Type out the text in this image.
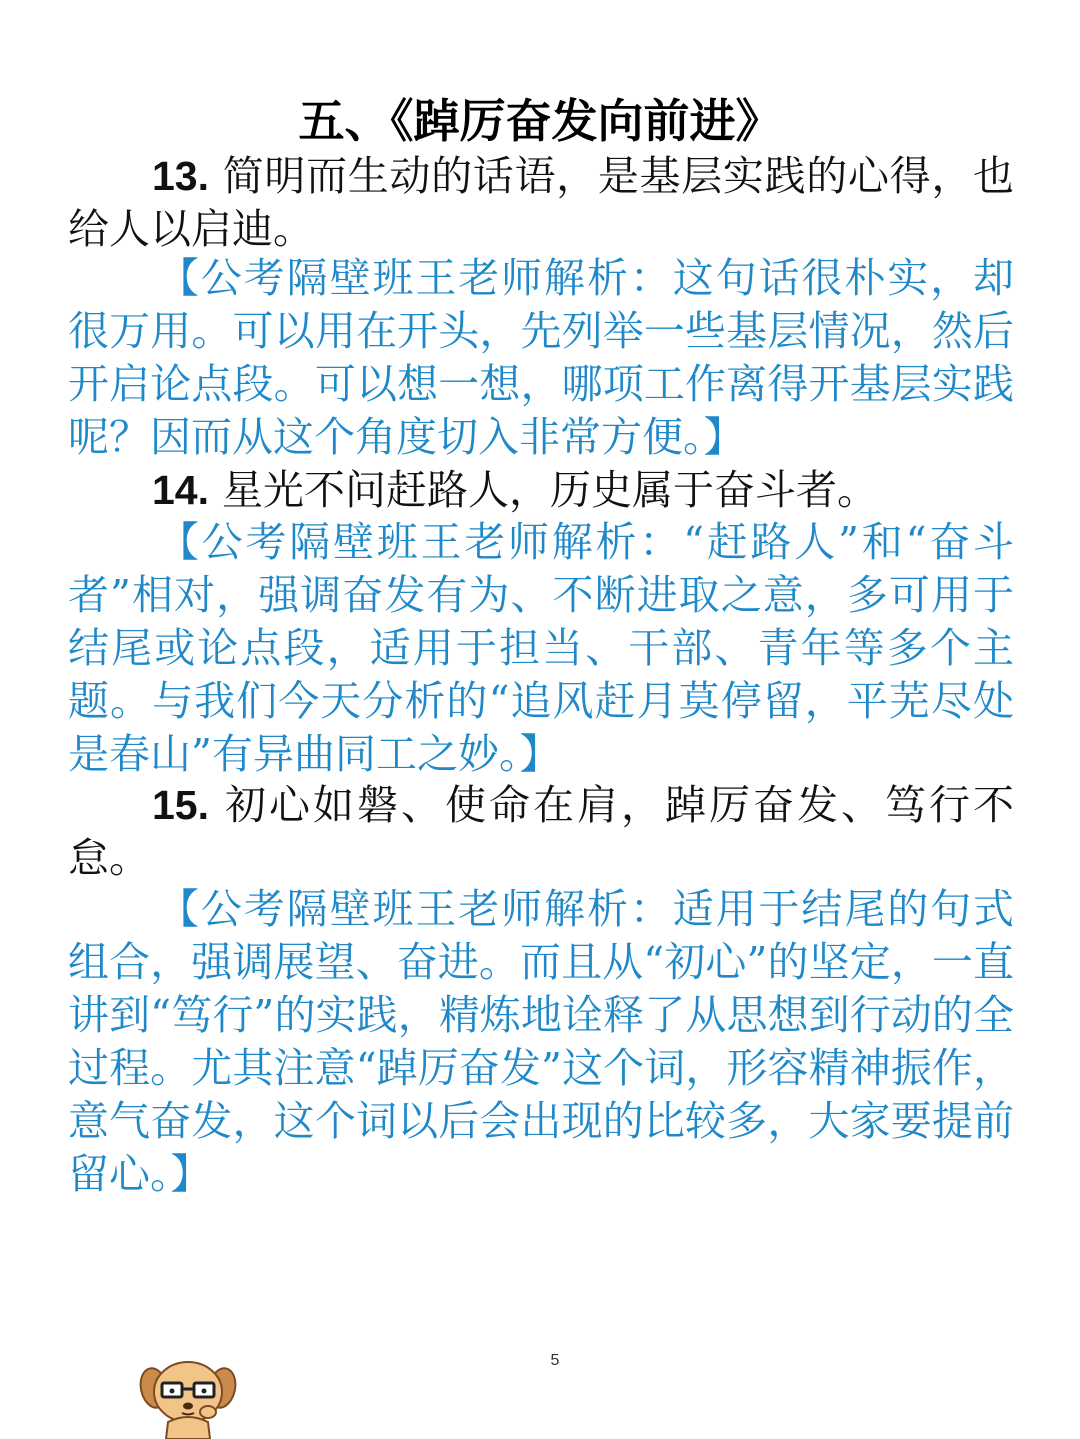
五、《踔厉奋发向前进》
13. 简明而生动的话语，是基层实践的心得，也给人以启迪。
【公考隔壁班王老师解析：这句话很朴实，却很万用。可以用在开头，先列举一些基层情况，然后开启论点段。可以想一想，哪项工作离得开基层实践呢？因而从这个角度切入非常方便。】
14. 星光不问赶路人，历史属于奋斗者。
【公考隔壁班王老师解析：“赶路人”和“奋斗者”相对，强调奋发有为、不断进取之意，多可用于结尾或论点段，适用于担当、干部、青年等多个主题。与我们今天分析的“追风赶月莫停留，平芜尽处是春山”有异曲同工之妙。】
15. 初心如磐、使命在肩，踔厉奋发、笃行不怠。
【公考隔壁班王老师解析：适用于结尾的句式组合，强调展望、奋进。而且从“初心”的坚定，一直讲到“笃行”的实践，精炼地诠释了从思想到行动的全过程。尤其注意“踔厉奋发”这个词，形容精神振作，意气奋发，这个词以后会出现的比较多，大家要提前留心。】
5
